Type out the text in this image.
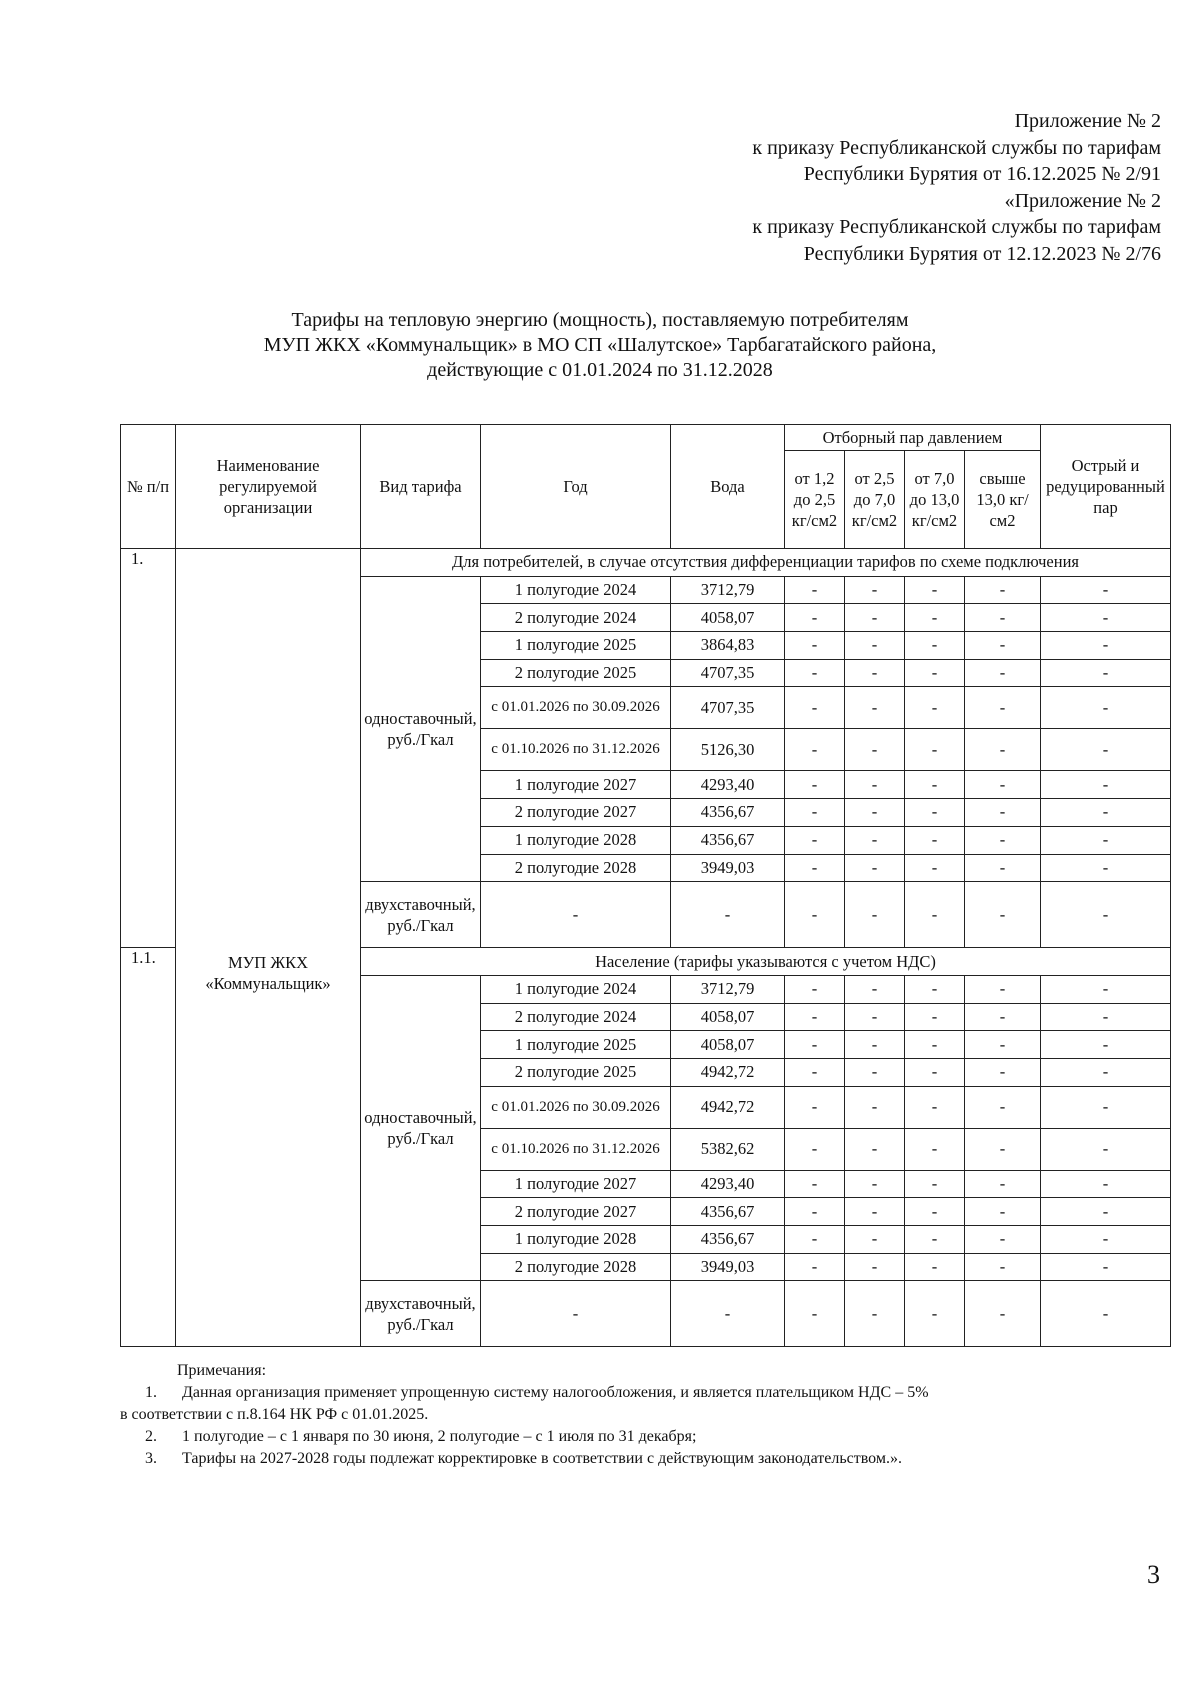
Приложение № 2
к приказу Республиканской службы по тарифам
Республики Бурятия от 16.12.2025 № 2/91
«Приложение № 2
к приказу Республиканской службы по тарифам
Республики Бурятия от 12.12.2023 № 2/76
Тарифы на тепловую энергию (мощность), поставляемую потребителям
МУП ЖКХ «Коммунальщик» в МО СП «Шалутское» Тарбагатайского района,
действующие с 01.01.2024 по 31.12.2028
№ п/п	Наименование регулируемой организации	Вид тарифа	Год	Вода	Отборный пар давлением				Острый и редуцированный пар
					от 1,2 до 2,5 кг/см2	от 2,5 до 7,0 кг/см2	от 7,0 до 13,0 кг/см2	свыше 13,0 кг/см2	
1.	МУП ЖКХ «Коммунальщик»	Для потребителей, в случае отсутствия дифференциации тарифов по схеме подключения							
		одноставочный, руб./Гкал	1 полугодие 2024	3712,79	-	-	-	-	-
			2 полугодие 2024	4058,07	-	-	-	-	-
			1 полугодие 2025	3864,83	-	-	-	-	-
			2 полугодие 2025	4707,35	-	-	-	-	-
			с 01.01.2026 по 30.09.2026	4707,35	-	-	-	-	-
			с 01.10.2026 по 31.12.2026	5126,30	-	-	-	-	-
			1 полугодие 2027	4293,40	-	-	-	-	-
			2 полугодие 2027	4356,67	-	-	-	-	-
			1 полугодие 2028	4356,67	-	-	-	-	-
			2 полугодие 2028	3949,03	-	-	-	-	-
		двухставочный, руб./Гкал	-	-	-	-	-	-	-
1.1.		Население (тарифы указываются с учетом НДС)							
		одноставочный, руб./Гкал	1 полугодие 2024	3712,79	-	-	-	-	-
			2 полугодие 2024	4058,07	-	-	-	-	-
			1 полугодие 2025	4058,07	-	-	-	-	-
			2 полугодие 2025	4942,72	-	-	-	-	-
			с 01.01.2026 по 30.09.2026	4942,72	-	-	-	-	-
			с 01.10.2026 по 31.12.2026	5382,62	-	-	-	-	-
			1 полугодие 2027	4293,40	-	-	-	-	-
			2 полугодие 2027	4356,67	-	-	-	-	-
			1 полугодие 2028	4356,67	-	-	-	-	-
			2 полугодие 2028	3949,03	-	-	-	-	-
		двухставочный, руб./Гкал	-	-	-	-	-	-	-
Примечания:
1.	Данная организация применяет упрощенную систему налогообложения, и является плательщиком НДС – 5%
в соответствии с п.8.164 НК РФ с 01.01.2025.
2.	1 полугодие – с 1 января по 30 июня, 2 полугодие – с 1 июля по 31 декабря;
3.	Тарифы на 2027-2028 годы подлежат корректировке в соответствии с действующим законодательством.».
3
